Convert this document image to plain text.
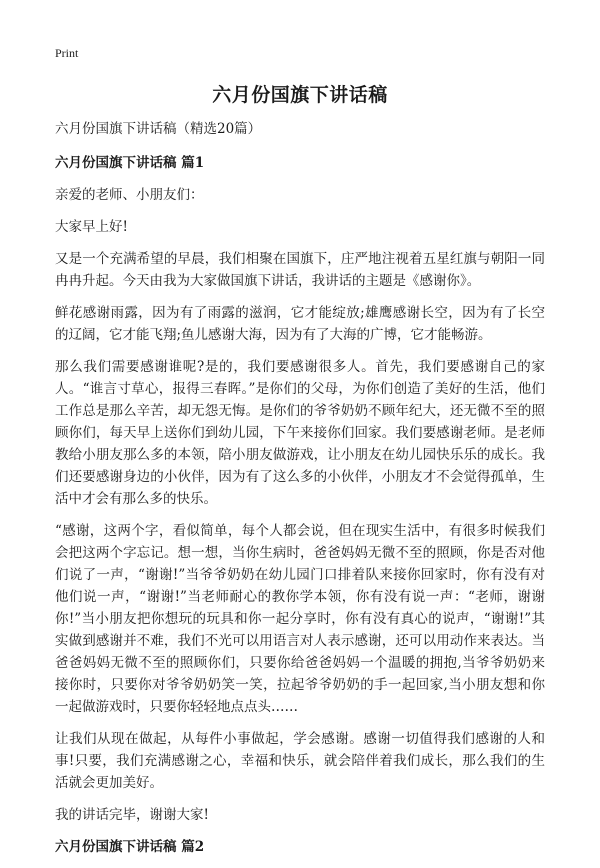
Print
六月份国旗下讲话稿

六月份国旗下讲话稿（精选20篇）

六月份国旗下讲话稿 篇1

亲爱的老师、小朋友们：

大家早上好!

又是一个充满希望的早晨，我们相聚在国旗下，庄严地注视着五星红旗与朝阳一同冉冉升起。今天由我为大家做国旗下讲话，我讲话的主题是《感谢你》。

鲜花感谢雨露，因为有了雨露的滋润，它才能绽放;雄鹰感谢长空，因为有了长空的辽阔，它才能飞翔;鱼儿感谢大海，因为有了大海的广博，它才能畅游。

那么我们需要感谢谁呢?是的，我们要感谢很多人。首先，我们要感谢自己的家人。“谁言寸草心，报得三春晖。”是你们的父母，为你们创造了美好的生活，他们工作总是那么辛苦，却无怨无悔。是你们的爷爷奶奶不顾年纪大，还无微不至的照顾你们，每天早上送你们到幼儿园，下午来接你们回家。我们要感谢老师。是老师教给小朋友那么多的本领，陪小朋友做游戏，让小朋友在幼儿园快乐乐的成长。我们还要感谢身边的小伙伴，因为有了这么多的小伙伴，小朋友才不会觉得孤单，生活中才会有那么多的快乐。

“感谢，这两个字，看似简单，每个人都会说，但在现实生活中，有很多时候我们会把这两个字忘记。想一想，当你生病时，爸爸妈妈无微不至的照顾，你是否对他们说了一声，“谢谢!”当爷爷奶奶在幼儿园门口排着队来接你回家时，你有没有对他们说一声，“谢谢!”当老师耐心的教你学本领，你有没有说一声：“老师，谢谢你!”当小朋友把你想玩的玩具和你一起分享时，你有没有真心的说声，“谢谢!”其实做到感谢并不难，我们不光可以用语言对人表示感谢，还可以用动作来表达。当爸爸妈妈无微不至的照顾你们，只要你给爸爸妈妈一个温暖的拥抱,当爷爷奶奶来接你时，只要你对爷爷奶奶笑一笑，拉起爷爷奶奶的手一起回家,当小朋友想和你一起做游戏时，只要你轻轻地点点头……

让我们从现在做起，从每件小事做起，学会感谢。感谢一切值得我们感谢的人和事!只要，我们充满感谢之心，幸福和快乐，就会陪伴着我们成长，那么我们的生活就会更加美好。

我的讲话完毕，谢谢大家!

六月份国旗下讲话稿 篇2
